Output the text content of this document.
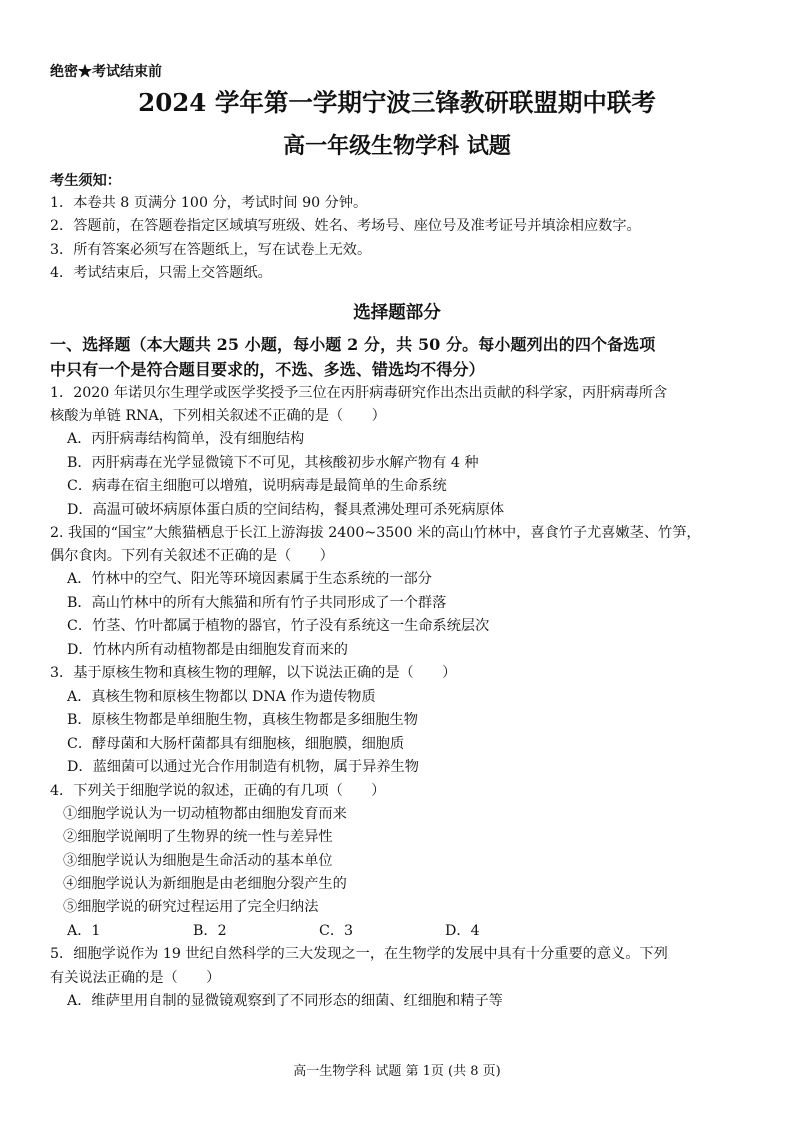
绝密★考试结束前
2024 学年第一学期宁波三锋教研联盟期中联考
高一年级生物学科 试题
考生须知：
1．本卷共 8 页满分 100 分，考试时间 90 分钟。
2．答题前，在答题卷指定区域填写班级、姓名、考场号、座位号及准考证号并填涂相应数字。
3．所有答案必须写在答题纸上，写在试卷上无效。
4．考试结束后，只需上交答题纸。
选择题部分
一、选择题（本大题共 25 小题，每小题 2 分，共 50 分。每小题列出的四个备选项
中只有一个是符合题目要求的，不选、多选、错选均不得分）
1．2020 年诺贝尔生理学或医学奖授予三位在丙肝病毒研究作出杰出贡献的科学家，丙肝病毒所含
核酸为单链 RNA，下列相关叙述不正确的是（　　）
A．丙肝病毒结构简单，没有细胞结构
B．丙肝病毒在光学显微镜下不可见，其核酸初步水解产物有 4 种
C．病毒在宿主细胞可以增殖，说明病毒是最简单的生命系统
D．高温可破坏病原体蛋白质的空间结构，餐具煮沸处理可杀死病原体
2. 我国的“国宝”大熊猫栖息于长江上游海拔 2400~3500 米的高山竹林中，喜食竹子尤喜嫩茎、竹笋，
偶尔食肉。下列有关叙述不正确的是（　　）
A．竹林中的空气、阳光等环境因素属于生态系统的一部分
B．高山竹林中的所有大熊猫和所有竹子共同形成了一个群落
C．竹茎、竹叶都属于植物的器官，竹子没有系统这一生命系统层次
D．竹林内所有动植物都是由细胞发育而来的
3．基于原核生物和真核生物的理解，以下说法正确的是（　　）
A．真核生物和原核生物都以 DNA 作为遗传物质
B．原核生物都是单细胞生物，真核生物都是多细胞生物
C．酵母菌和大肠杆菌都具有细胞核，细胞膜，细胞质
D．蓝细菌可以通过光合作用制造有机物，属于异养生物
4．下列关于细胞学说的叙述，正确的有几项（　　）
①细胞学说认为一切动植物都由细胞发育而来
②细胞学说阐明了生物界的统一性与差异性
③细胞学说认为细胞是生命活动的基本单位
④细胞学说认为新细胞是由老细胞分裂产生的
⑤细胞学说的研究过程运用了完全归纳法
A．1	B．2	C．3	D．4
5．细胞学说作为 19 世纪自然科学的三大发现之一，在生物学的发展中具有十分重要的意义。下列
有关说法正确的是（　　）
A．维萨里用自制的显微镜观察到了不同形态的细菌、红细胞和精子等
高一生物学科 试题 第 1页 (共 8 页)
